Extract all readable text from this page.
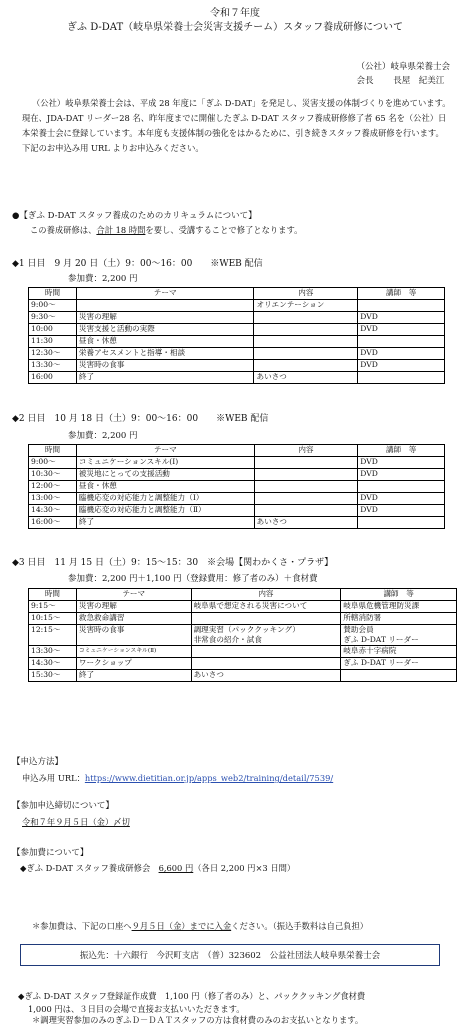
令和７年度
ぎふ D-DAT（岐阜県栄養士会災害支援チーム）スタッフ養成研修について
（公社）岐阜県栄養士会
会長　　 長屋　紀美江
（公社）岐阜県栄養士会は、平成 28 年度に「ぎふ D-DAT」を発足し、災害支援の体制づくりを進めています。現在、JDA-DAT リーダー28 名、昨年度までに開催したぎふ D-DAT スタッフ養成研修修了者 65 名を（公社）日本栄養士会に登録しています。本年度も支援体制の強化をはかるために、引き続きスタッフ養成研修を行います。　下記のお申込み用 URL よりお申込みください。
●【ぎふ D-DAT スタッフ養成のためのカリキュラムについて】
この養成研修は、合計 18 時間を要し、受講することで修了となります。
◆1 日目　9 月 20 日（土）9：00～16：00　　※WEB 配信
参加費：2,200 円
時間	テーマ	内容	講師　等
9:00～		オリエンテーション	
9:30～	災害の理解		DVD
10:00	災害支援と活動の実際		DVD
11:30	昼食・休憩		
12:30～	栄養アセスメントと指導・相談		DVD
13:30～	災害時の食事		DVD
16:00	終了	あいさつ	
◆2 日目　10 月 18 日（土）9：00～16：00　　※WEB 配信
参加費：2,200 円
時間	テーマ	内容	講師　等
9:00～	コミュニケーションスキル(Ⅰ)		DVD
10:30～	被災地にとっての支援活動		DVD
12:00～	昼食・休憩		
13:00～	臨機応変の対応能力と調整能力（Ⅰ）		DVD
14:30～	臨機応変の対応能力と調整能力（Ⅱ）		DVD
16:00～	終了	あいさつ	
◆3 日目　11 月 15 日（土）9：15～15：30　※会場【関わかくさ・プラザ】
参加費：2,200 円＋1,100 円（登録費用：修了者のみ）＋食材費
時間	テーマ	内容	講師　等
9:15～	災害の理解	岐阜県で想定される災害について	岐阜県危機管理防災課
10:15～	救急救命講習		所轄消防署
12:15～	災害時の食事	調理実習（パッククッキング）
非常食の紹介・試食	賛助会員
ぎふ D-DAT リーダー
13:30～	コミュニケーションスキル(Ⅱ)		岐阜赤十字病院
14:30～	ワークショップ		ぎふ D-DAT リーダー
15:30～	終了	あいさつ	
【申込方法】
申込み用 URL：https://www.dietitian.or.jp/apps_web2/training/detail/7539/
【参加申込締切について】
令和７年９月５日（金）〆切
【参加費について】
◆ぎふ D-DAT スタッフ養成研修会　6,600 円（各日 2,200 円×3 日間）
＊参加費は、下記の口座へ９月５日（金）までに入金ください。（振込手数料は自己負担）
振込先：十六銀行　今沢町支店　（普）323602　公益社団法人岐阜県栄養士会
◆ぎふ D-DAT スタッフ登録証作成費　1,100 円（修了者のみ）と、パッククッキング食材費
1,000 円は、３日目の会場で直接お支払いいただきます。
＊調理実習参加のみのぎふＤ－ＤＡＴスタッフの方は食材費のみのお支払いとなります。
